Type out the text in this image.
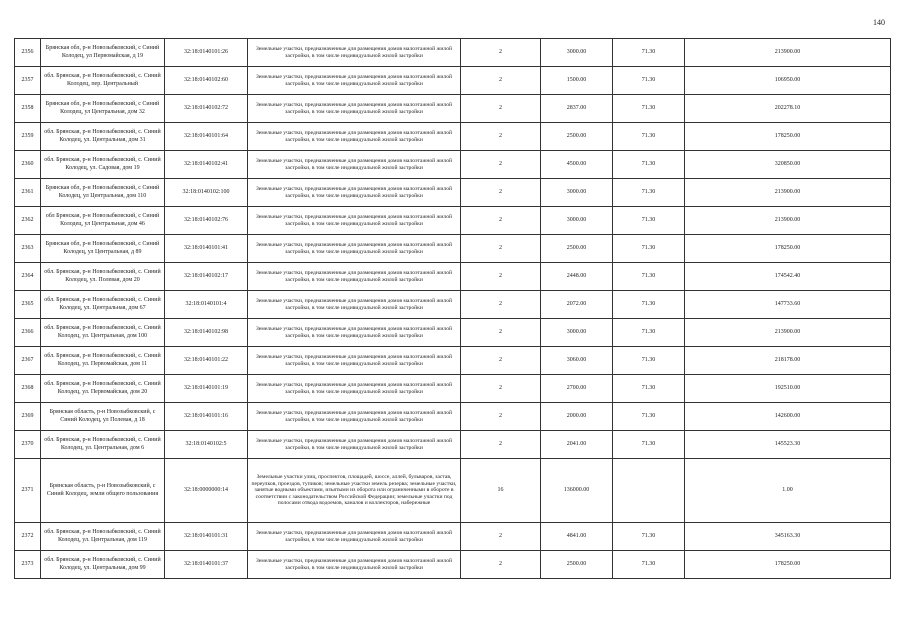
140
2356	Брянская обл, р-н Новозыбковский, с Синий Колодец, ул Первомайская, д 19	32:18:0140101:26	Земельные участки, предназначенные для размещения домов малоэтажной жилой застройки, в том числе индивидуальной жилой застройки	2	3000.00	71.30	213900.00
2357	обл. Брянская, р-н Новозыбковский, с. Синий Колодец, пер. Центральный	32:18:0140102:60	Земельные участки, предназначенные для размещения домов малоэтажной жилой застройки, в том числе индивидуальной жилой застройки	2	1500.00	71.30	106950.00
2358	Брянская обл, р-н Новозыбковский, с Синий Колодец, ул Центральная, дом 32	32:18:0140102:72	Земельные участки, предназначенные для размещения домов малоэтажной жилой застройки, в том числе индивидуальной жилой застройки	2	2837.00	71.30	202278.10
2359	обл. Брянская, р-н Новозыбковский, с. Синий Колодец, ул. Центральная, дом 31	32:18:0140101:64	Земельные участки, предназначенные для размещения домов малоэтажной жилой застройки, в том числе индивидуальной жилой застройки	2	2500.00	71.30	178250.00
2360	обл. Брянская, р-н Новозыбковский, с. Синий Колодец, ул. Садовая, дом 19	32:18:0140102:41	Земельные участки, предназначенные для размещения домов малоэтажной жилой застройки, в том числе индивидуальной жилой застройки	2	4500.00	71.30	320850.00
2361	Брянская обл, р-н Новозыбковский, с Синий Колодец, ул Центральная, дом 110	32:18:0140102:100	Земельные участки, предназначенные для размещения домов малоэтажной жилой застройки, в том числе индивидуальной жилой застройки	2	3000.00	71.30	213900.00
2362	обл Брянская, р-н Новозыбковский, с Синий Колодец, ул Центральная, дом 46	32:18:0140102:76	Земельные участки, предназначенные для размещения домов малоэтажной жилой застройки, в том числе индивидуальной жилой застройки	2	3000.00	71.30	213900.00
2363	Брянская обл, р-н Новозыбковский, с Синий Колодец, ул Центральная, д 89	32:18:0140101:41	Земельные участки, предназначенные для размещения домов малоэтажной жилой застройки, в том числе индивидуальной жилой застройки	2	2500.00	71.30	178250.00
2364	обл. Брянская, р-н Новозыбковский, с. Синий Колодец, ул. Полевая, дом 20	32:18:0140102:17	Земельные участки, предназначенные для размещения домов малоэтажной жилой застройки, в том числе индивидуальной жилой застройки	2	2448.00	71.30	174542.40
2365	обл. Брянская, р-н Новозыбковский, с. Синий Колодец, ул. Центральная, дом 67	32:18:0140101:4	Земельные участки, предназначенные для размещения домов малоэтажной жилой застройки, в том числе индивидуальной жилой застройки	2	2072.00	71.30	147733.60
2366	обл. Брянская, р-н Новозыбковский, с. Синий Колодец, ул. Центральная, дом 100	32:18:0140102:98	Земельные участки, предназначенные для размещения домов малоэтажной жилой застройки, в том числе индивидуальной жилой застройки	2	3000.00	71.30	213900.00
2367	обл. Брянская, р-н Новозыбковский, с. Синий Колодец, ул. Первомайская, дом 11	32:18:0140101:22	Земельные участки, предназначенные для размещения домов малоэтажной жилой застройки, в том числе индивидуальной жилой застройки	2	3060.00	71.30	218178.00
2368	обл. Брянская, р-н Новозыбковский, с. Синий Колодец, ул. Первомайская, дом 20	32:18:0140101:19	Земельные участки, предназначенные для размещения домов малоэтажной жилой застройки, в том числе индивидуальной жилой застройки	2	2700.00	71.30	192510.00
2369	Брянская область, р-н Новозыбковский, с Синий Колодец, ул Полевая, д 18	32:18:0140101:16	Земельные участки, предназначенные для размещения домов малоэтажной жилой застройки, в том числе индивидуальной жилой застройки	2	2000.00	71.30	142600.00
2370	обл. Брянская, р-н Новозыбковский, с. Синий Колодец, ул. Центральная, дом 6	32:18:0140102:5	Земельные участки, предназначенные для размещения домов малоэтажной жилой застройки, в том числе индивидуальной жилой застройки	2	2041.00	71.30	145523.30
2371	Брянская область, р-н Новозыбковский, с Синий Колодец, земли общего пользования	32:18:0000000:14	Земельные участки улиц, проспектов, площадей, шоссе, аллей, бульваров, застав, переулков, проездов, тупиков; земельные участки земель резерва; земельные участки, занятые водными объектами, изъятыми из оборота или ограниченными в обороте в соответствии с законодательством Российской Федерации; земельные участки под полосами отвода водоемов, каналов и коллекторов, набережные	16	136000.00		1.00
2372	обл. Брянская, р-н Новозыбковский, с. Синий Колодец, ул. Центральная, дом 119	32:18:0140101:31	Земельные участки, предназначенные для размещения домов малоэтажной жилой застройки, в том числе индивидуальной жилой застройки	2	4841.00	71.30	345163.30
2373	обл. Брянская, р-н Новозыбковский, с. Синий Колодец, ул. Центральная, дом 99	32:18:0140101:37	Земельные участки, предназначенные для размещения домов малоэтажной жилой застройки, в том числе индивидуальной жилой застройки	2	2500.00	71.30	178250.00
